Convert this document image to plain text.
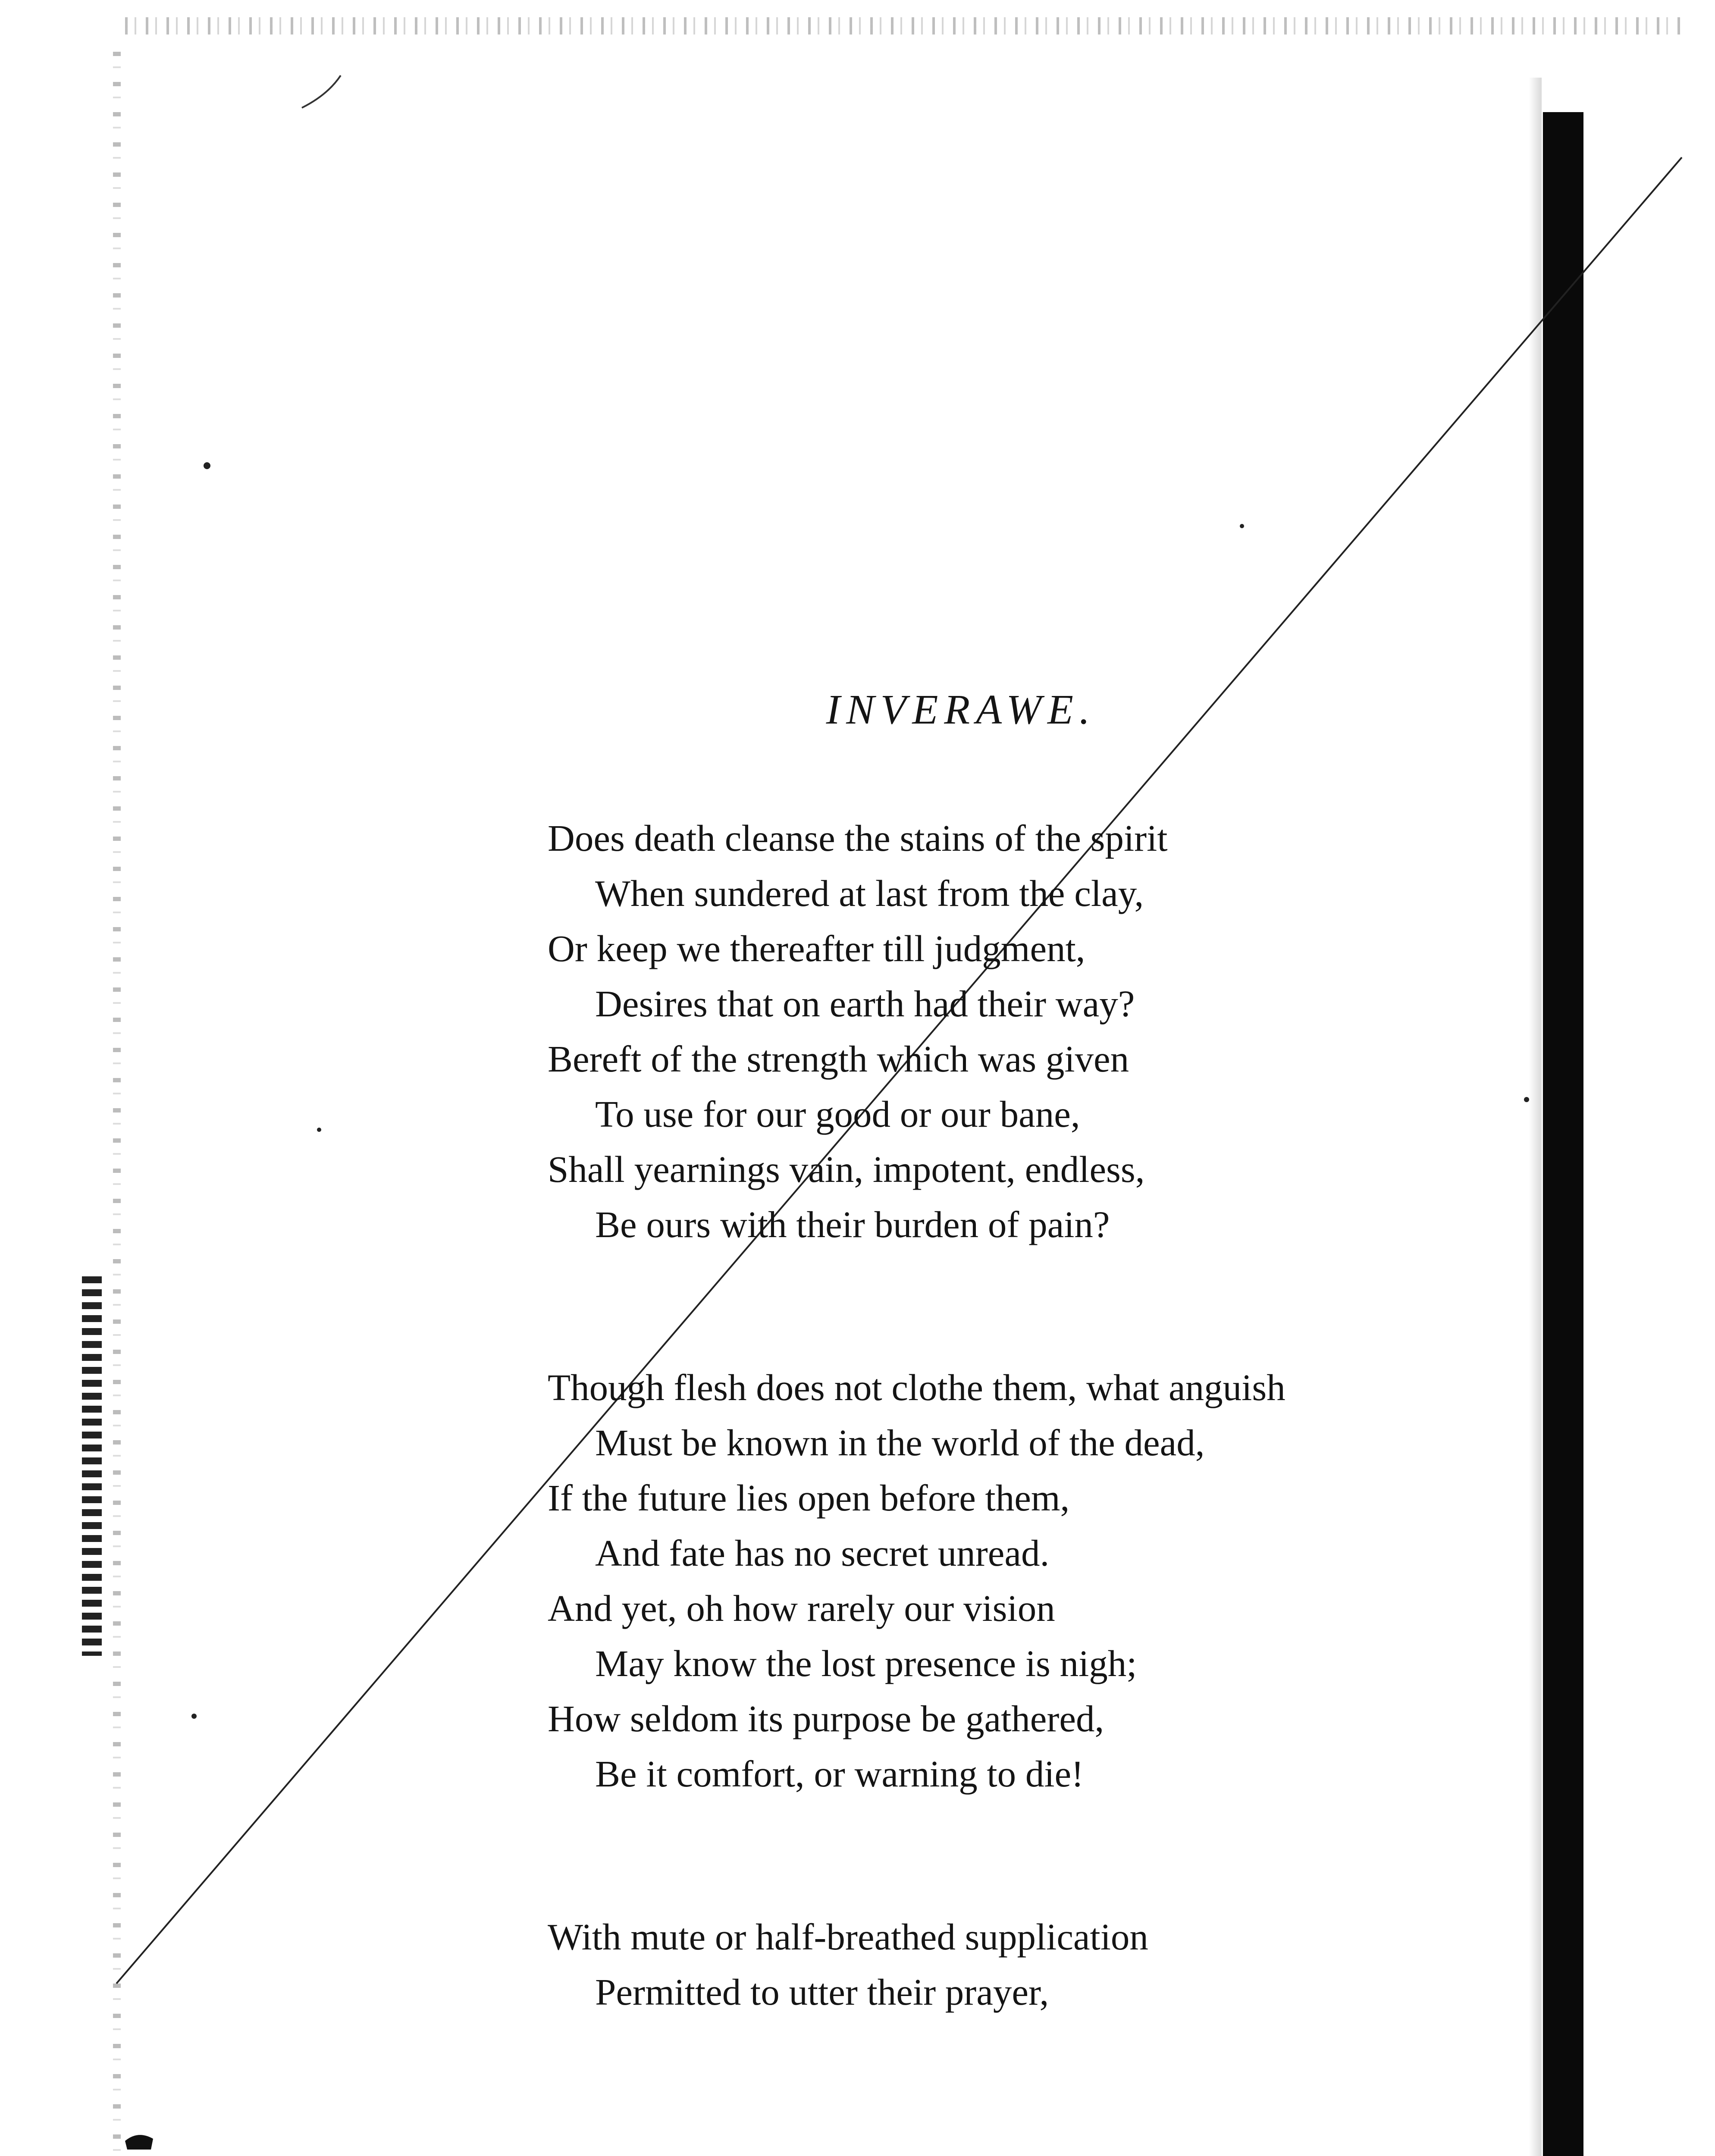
INVERAWE.
Does death cleanse the stains of the spirit
When sundered at last from the clay,
Or keep we thereafter till judgment,
Desires that on earth had their way?
Bereft of the strength which was given
To use for our good or our bane,
Shall yearnings vain, impotent, endless,
Be ours with their burden of pain?
Though flesh does not clothe them, what anguish
Must be known in the world of the dead,
If the future lies open before them,
And fate has no secret unread.
And yet, oh how rarely our vision
May know the lost presence is nigh;
How seldom its purpose be gathered,
Be it comfort, or warning to die!
With mute or half-breathed supplication
Permitted to utter their prayer,
